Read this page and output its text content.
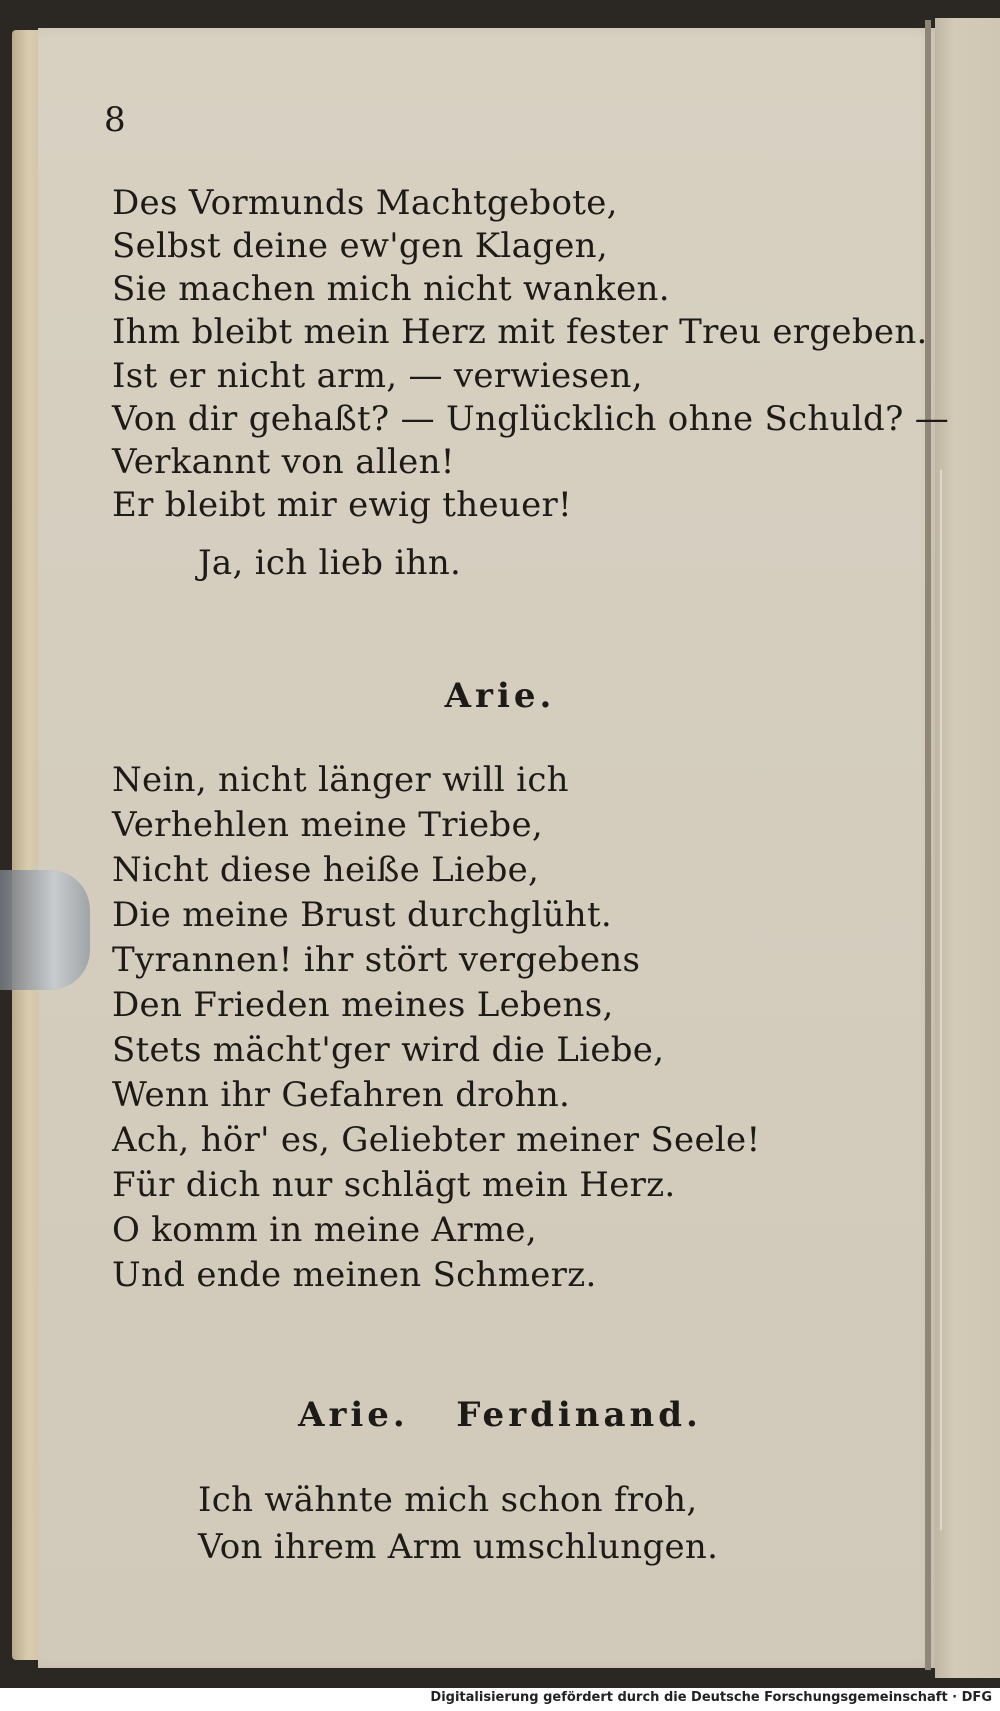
8
Des Vormunds Machtgebote,
Selbst deine ew'gen Klagen,
Sie machen mich nicht wanken.
Ihm bleibt mein Herz mit fester Treu ergeben.
Ist er nicht arm, — verwiesen,
Von dir gehaßt? — Unglücklich ohne Schuld? —
Verkannt von allen!
Er bleibt mir ewig theuer!
Ja, ich lieb ihn.
Arie.
Nein, nicht länger will ich
Verhehlen meine Triebe,
Nicht diese heiße Liebe,
Die meine Brust durchglüht.
Tyrannen! ihr stört vergebens
Den Frieden meines Lebens,
Stets mächt'ger wird die Liebe,
Wenn ihr Gefahren drohn.
Ach, hör' es, Geliebter meiner Seele!
Für dich nur schlägt mein Herz.
O komm in meine Arme,
Und ende meinen Schmerz.
Arie.   Ferdinand.
Ich wähnte mich schon froh,
Von ihrem Arm umschlungen.
Digitalisierung gefördert durch die Deutsche Forschungsgemeinschaft · DFG
